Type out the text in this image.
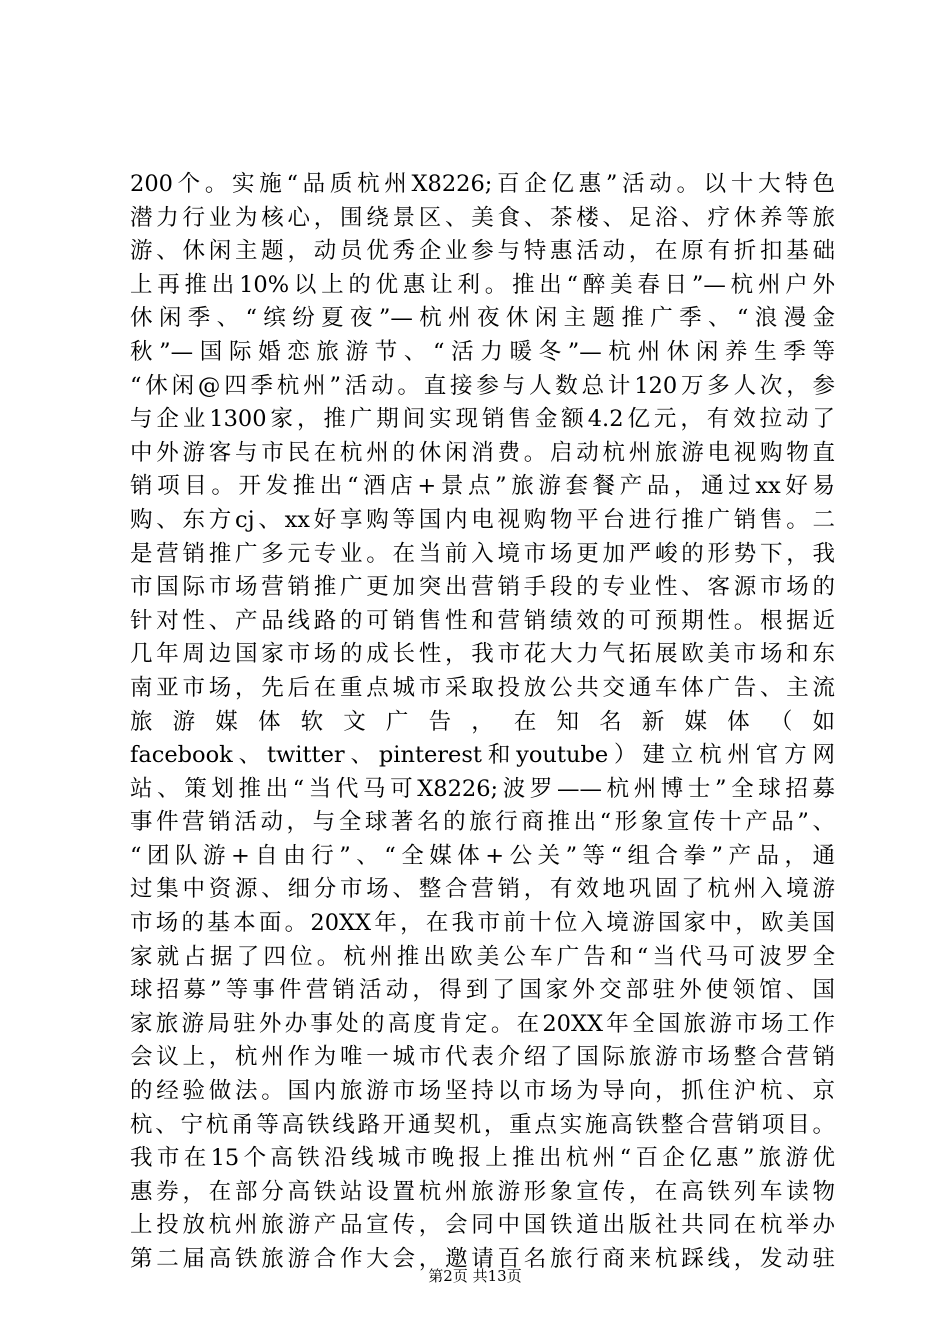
200个。实施“品质杭州X8226;百企亿惠”活动。以十大特色
潜力行业为核心，围绕景区、美食、茶楼、足浴、疗休养等旅
游、休闲主题，动员优秀企业参与特惠活动，在原有折扣基础
上再推出10%以上的优惠让利。推出“醉美春日”—杭州户外
休闲季、“缤纷夏夜”—杭州夜休闲主题推广季、“浪漫金
秋”—国际婚恋旅游节、“活力暖冬”—杭州休闲养生季等
“休闲@四季杭州”活动。直接参与人数总计120万多人次，参
与企业1300家，推广期间实现销售金额4.2亿元，有效拉动了
中外游客与市民在杭州的休闲消费。启动杭州旅游电视购物直
销项目。开发推出“酒店+景点”旅游套餐产品，通过xx好易
购、东方cj、xx好享购等国内电视购物平台进行推广销售。二
是营销推广多元专业。在当前入境市场更加严峻的形势下，我
市国际市场营销推广更加突出营销手段的专业性、客源市场的
针对性、产品线路的可销售性和营销绩效的可预期性。根据近
几年周边国家市场的成长性，我市花大力气拓展欧美市场和东
南亚市场，先后在重点城市采取投放公共交通车体广告、主流
旅游媒体软文广告，在知名新媒体（如
facebook、twitter、pinterest和youtube）建立杭州官方网
站、策划推出“当代马可X8226;波罗——杭州博士”全球招募
事件营销活动，与全球著名的旅行商推出“形象宣传十产品”、
“团队游+自由行”、“全媒体+公关”等“组合拳”产品，通
过集中资源、细分市场、整合营销，有效地巩固了杭州入境游
市场的基本面。20XX年，在我市前十位入境游国家中，欧美国
家就占据了四位。杭州推出欧美公车广告和“当代马可波罗全
球招募”等事件营销活动，得到了国家外交部驻外使领馆、国
家旅游局驻外办事处的高度肯定。在20XX年全国旅游市场工作
会议上，杭州作为唯一城市代表介绍了国际旅游市场整合营销
的经验做法。国内旅游市场坚持以市场为导向，抓住沪杭、京
杭、宁杭甬等高铁线路开通契机，重点实施高铁整合营销项目。
我市在15个高铁沿线城市晚报上推出杭州“百企亿惠”旅游优
惠券，在部分高铁站设置杭州旅游形象宣传，在高铁列车读物
上投放杭州旅游产品宣传，会同中国铁道出版社共同在杭举办
第二届高铁旅游合作大会，邀请百名旅行商来杭踩线，发动驻
第2页 共13页
